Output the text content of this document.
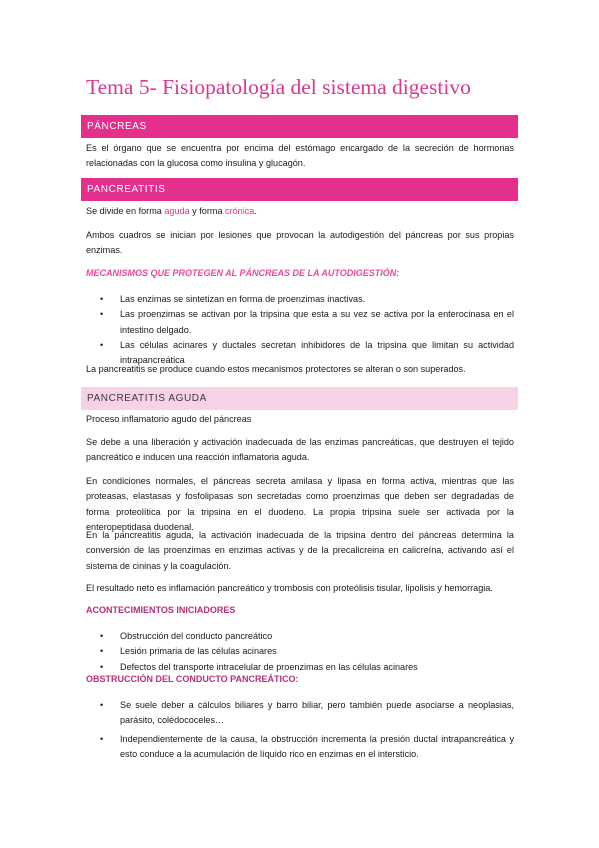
Tema 5- Fisiopatología del sistema digestivo
PÁNCREAS

Es el órgano que se encuentra por encima del estómago encargado de la secreción de hormonas relacionadas con la glucosa como insulina y glucagón.

PANCREATITIS

Se divide en forma aguda y forma crónica.

Ambos cuadros se inician por lesiones que provocan la autodigestión del páncreas por sus propias enzimas.

MECANISMOS QUE PROTEGEN AL PÁNCREAS DE LA AUTODIGESTIÓN:

• Las enzimas se sintetizan en forma de proenzimas inactivas.
• Las proenzimas se activan por la tripsina que esta a su vez se activa por la enterocinasa en el intestino delgado.
• Las células acinares y ductales secretan inhibidores de la tripsina que limitan su actividad intrapancreática

La pancreatitis se produce cuando estos mecanismos protectores se alteran o son superados.

PANCREATITIS AGUDA

Proceso inflamatorio agudo del páncreas

Se debe a una liberación y activación inadecuada de las enzimas pancreáticas, que destruyen el tejido pancreático e inducen una reacción inflamatoria aguda.

En condiciones normales, el páncreas secreta amilasa y lipasa en forma activa, mientras que las proteasas, elastasas y fosfolipasas son secretadas como proenzimas que deben ser degradadas de forma proteolítica por la tripsina en el duodeno. La propia tripsina suele ser activada por la enteropeptidasa duodenal.

En la pancreatitis aguda, la activación inadecuada de la tripsina dentro del páncreas determina la conversión de las proenzimas en enzimas activas y de la precalicreina en calicreína, activando así el sistema de cininas y la coagulación.

El resultado neto es inflamación pancreático y trombosis con proteólisis tisular, lipolisis y hemorragia.

ACONTECIMIENTOS INICIADORES

• Obstrucción del conducto pancreático
• Lesión primaria de las células acinares
• Defectos del transporte intracelular de proenzimas en las células acinares

OBSTRUCCIÓN DEL CONDUCTO PANCREÁTICO:

• Se suele deber a cálculos biliares y barro biliar, pero también puede asociarse a neoplasias, parásito, colédococeles…
• Independientemente de la causa, la obstrucción incrementa la presión ductal intrapancreática y esto conduce a la acumulación de líquido rico en enzimas en el intersticio.
